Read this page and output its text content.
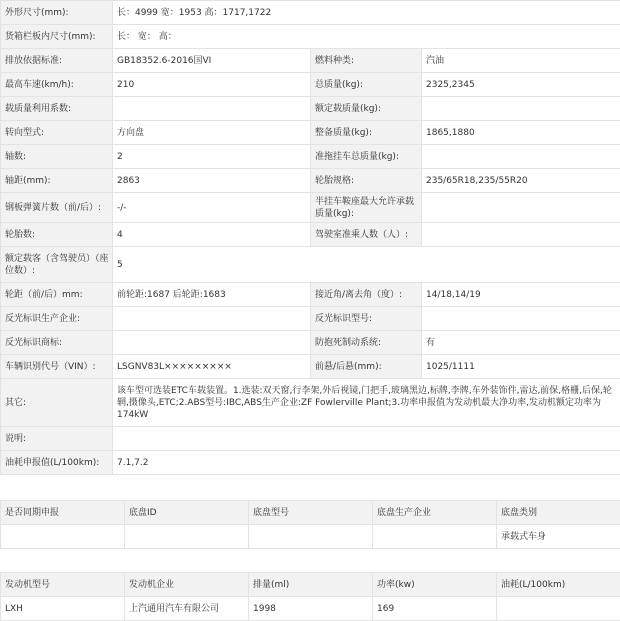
外形尺寸(mm):	长：4999 宽：1953 高：1717,1722		
货箱栏板内尺寸(mm):	长： 宽： 高：		
排放依据标准:	GB18352.6-2016国VI	燃料种类:	汽油
最高车速(km/h):	210	总质量(kg):	2325,2345
载质量利用系数:		额定载质量(kg):	
转向型式:	方向盘	整备质量(kg):	1865,1880
轴数:	2	准拖挂车总质量(kg):	
轴距(mm):	2863	轮胎规格:	235/65R18,235/55R20
钢板弹簧片数（前/后）:	-/-	半挂车鞍座最大允许承载质量(kg):	
轮胎数:	4	驾驶室准乘人数（人）:	
额定载客（含驾驶员）（座位数）:	5		
轮距（前/后）mm:	前轮距:1687 后轮距:1683	接近角/离去角（度）:	14/18,14/19
反光标识生产企业:		反光标识型号:	
反光标识商标:		防抱死制动系统:	有
车辆识别代号（VIN）:	LSGNV83L×××××××××	前悬/后悬(mm):	1025/1111
其它:	该车型可选装ETC车载装置。1.选装:双天窗,行李架,外后视镜,门把手,玻璃黑边,标牌,李牌,车外装饰件,雷达,前保,格栅,后保,轮辋,摄像头,ETC;2.ABS型号:IBC,ABS生产企业:ZF Fowlerville Plant;3.功率申报值为发动机最大净功率,发动机额定功率为174kW		
说明:			
油耗申报值(L/100km):	7.1,7.2		
是否同期申报	底盘ID	底盘型号	底盘生产企业	底盘类别
				承载式车身
发动机型号	发动机企业	排量(ml)	功率(kw)	油耗(L/100km)
LXH	上汽通用汽车有限公司	1998	169	
